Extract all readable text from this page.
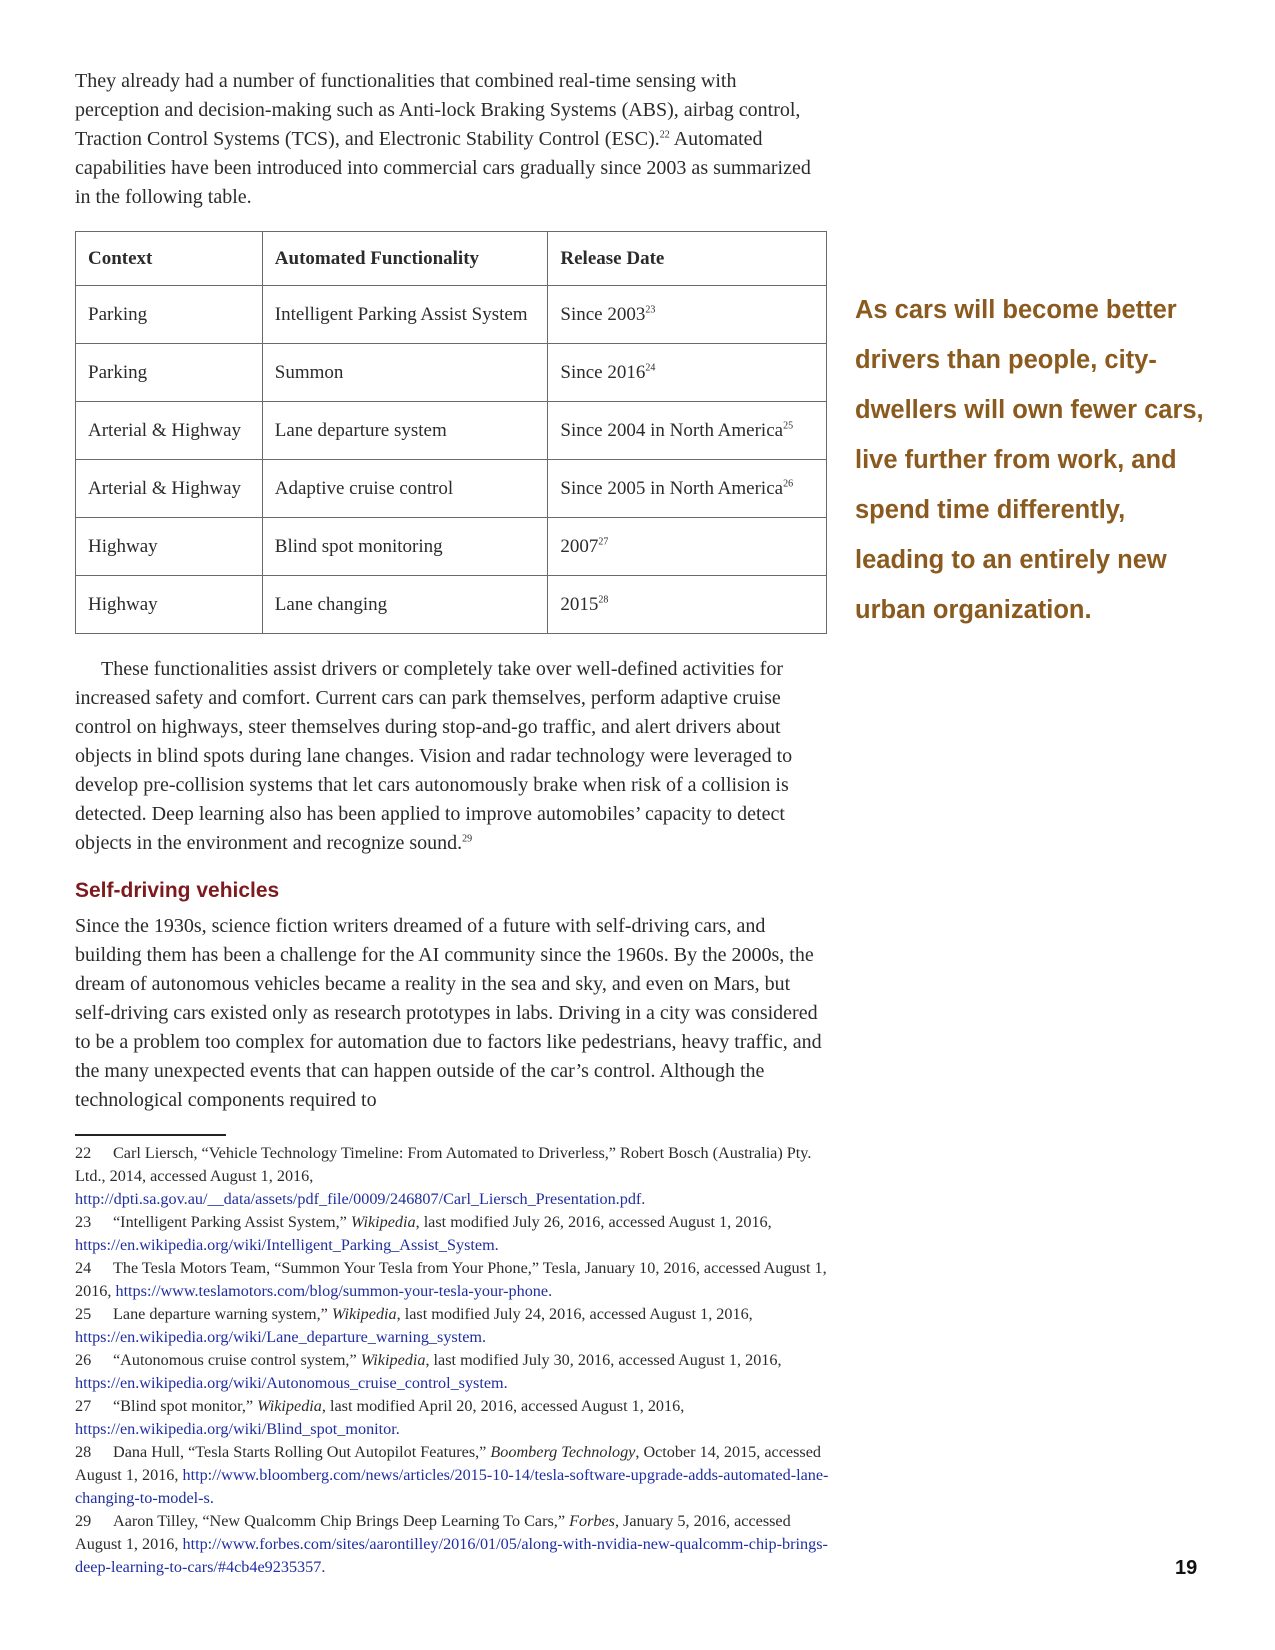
They already had a number of functionalities that combined real-time sensing with perception and decision-making such as Anti-lock Braking Systems (ABS), airbag control, Traction Control Systems (TCS), and Electronic Stability Control (ESC).$^{22}$ Automated capabilities have been introduced into commercial cars gradually since 2003 as summarized in the following table.

Context	Automated Functionality	Release Date
Parking	Intelligent Parking Assist System	Since 2003$^{23}$
Parking	Summon	Since 2016$^{24}$
Arterial & Highway	Lane departure system	Since 2004 in North America$^{25}$
Arterial & Highway	Adaptive cruise control	Since 2005 in North America$^{26}$
Highway	Blind spot monitoring	2007$^{27}$
Highway	Lane changing	2015$^{28}$

These functionalities assist drivers or completely take over well-defined activities for increased safety and comfort. Current cars can park themselves, perform adaptive cruise control on highways, steer themselves during stop-and-go traffic, and alert drivers about objects in blind spots during lane changes. Vision and radar technology were leveraged to develop pre-collision systems that let cars autonomously brake when risk of a collision is detected. Deep learning also has been applied to improve automobiles’ capacity to detect objects in the environment and recognize sound.$^{29}$

Self-driving vehicles

Since the 1930s, science fiction writers dreamed of a future with self-driving cars, and building them has been a challenge for the AI community since the 1960s. By the 2000s, the dream of autonomous vehicles became a reality in the sea and sky, and even on Mars, but self-driving cars existed only as research prototypes in labs. Driving in a city was considered to be a problem too complex for automation due to factors like pedestrians, heavy traffic, and the many unexpected events that can happen outside of the car’s control. Although the technological components required to

22 Carl Liersch, “Vehicle Technology Timeline: From Automated to Driverless,” Robert Bosch (Australia) Pty. Ltd., 2014, accessed August 1, 2016, http://dpti.sa.gov.au/__data/assets/pdf_file/0009/246807/Carl_Liersch_Presentation.pdf.

23 “Intelligent Parking Assist System,” Wikipedia, last modified July 26, 2016, accessed August 1, 2016, https://en.wikipedia.org/wiki/Intelligent_Parking_Assist_System.

24 The Tesla Motors Team, “Summon Your Tesla from Your Phone,” Tesla, January 10, 2016, accessed August 1, 2016, https://www.teslamotors.com/blog/summon-your-tesla-your-phone.

25 Lane departure warning system,” Wikipedia, last modified July 24, 2016, accessed August 1, 2016, https://en.wikipedia.org/wiki/Lane_departure_warning_system.

26 “Autonomous cruise control system,” Wikipedia, last modified July 30, 2016, accessed August 1, 2016, https://en.wikipedia.org/wiki/Autonomous_cruise_control_system.

27 “Blind spot monitor,” Wikipedia, last modified April 20, 2016, accessed August 1, 2016, https://en.wikipedia.org/wiki/Blind_spot_monitor.

28 Dana Hull, “Tesla Starts Rolling Out Autopilot Features,” Boomberg Technology, October 14, 2015, accessed August 1, 2016, http://www.bloomberg.com/news/articles/2015-10-14/tesla-software-upgrade-adds-automated-lane-changing-to-model-s.

29 Aaron Tilley, “New Qualcomm Chip Brings Deep Learning To Cars,” Forbes, January 5, 2016, accessed August 1, 2016, http://www.forbes.com/sites/aarontilley/2016/01/05/along-with-nvidia-new-qualcomm-chip-brings-deep-learning-to-cars/#4cb4e9235357.

As cars will become better drivers than people, city-dwellers will own fewer cars, live further from work, and spend time differently, leading to an entirely new urban organization.

19
